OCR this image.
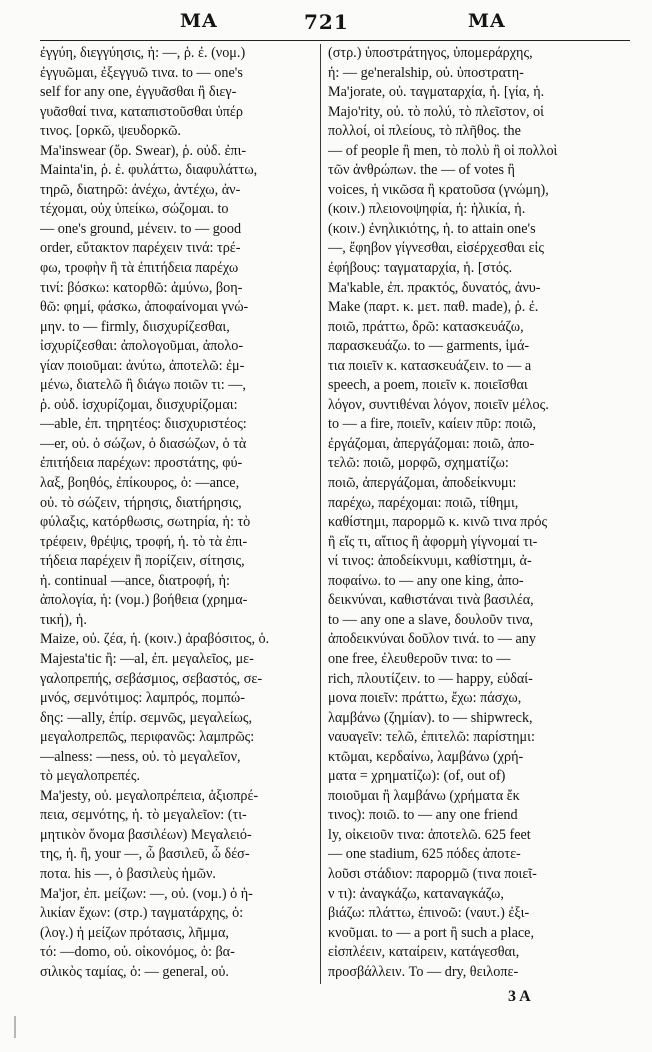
MA	721	MA
ἐγγύη, διεγγύησις, ἡ: —, ῥ. ἐ. (νομ.)
ἐγγυῶμαι, ἐξεγγυῶ τινα. to — one's
self for any one, ἐγγυᾶσθαι ἢ διεγ-
γυᾶσθαί τινα, καταπιστοῦσθαι ὑπέρ
τινος. [ορκῶ, ψευδορκῶ.
Ma'inswear (ὅρ. Swear), ῥ. οὐδ. ἐπι-
Mainta'in, ῥ. ἐ. φυλάττω, διαφυλάττω,
τηρῶ, διατηρῶ: ἀνέχω, ἀντέχω, ἀν-
τέχομαι, οὐχ ὑπείκω, σώζομαι. to
— one's ground, μένειν. to — good
order, εὔτακτον παρέχειν τινά: τρέ-
φω, τροφὴν ἢ τὰ ἐπιτήδεια παρέχω
τινί: βόσκω: κατορθῶ: ἀμύνω, βοη-
θῶ: φημί, φάσκω, ἀποφαίνομαι γνώ-
μην. to — firmly, διισχυρίζεσθαι,
ἰσχυρίζεσθαι: ἀπολογοῦμαι, ἀπολο-
γίαν ποιοῦμαι: ἀνύτω, ἀποτελῶ: ἐμ-
μένω, διατελῶ ἢ διάγω ποιῶν τι: —,
ῥ. οὐδ. ἰσχυρίζομαι, διισχυρίζομαι:
—able, ἐπ. τηρητέος: διισχυριστέος:
—er, οὐ. ὁ σώζων, ὁ διασώζων, ὁ τὰ
ἐπιτήδεια παρέχων: προστάτης, φύ-
λαξ, βοηθός, ἐπίκουρος, ὁ: —ance,
οὐ. τὸ σώζειν, τήρησις, διατήρησις,
φύλαξις, κατόρθωσις, σωτηρία, ἡ: τὸ
τρέφειν, θρέψις, τροφή, ἡ. τὸ τὰ ἐπι-
τήδεια παρέχειν ἢ πορίζειν, σίτησις,
ἡ. continual —ance, διατροφή, ἡ:
ἀπολογία, ἡ: (νομ.) βοήθεια (χρημα-
τική), ἡ.
Maize, οὐ. ζέα, ἡ. (κοιν.) ἀραβόσιτος, ὁ.
Majesta'tic ἢ: —al, ἐπ. μεγαλεῖος, με-
γαλοπρεπής, σεβάσμιος, σεβαστός, σε-
μνός, σεμνότιμος: λαμπρός, πομπώ-
δης: —ally, ἐπίρ. σεμνῶς, μεγαλείως,
μεγαλοπρεπῶς, περιφανῶς: λαμπρῶς:
—alness: —ness, οὐ. τὸ μεγαλεῖον,
τὸ μεγαλοπρεπές.
Ma'jesty, οὐ. μεγαλοπρέπεια, ἀξιοπρέ-
πεια, σεμνότης, ἡ. τὸ μεγαλεῖον: (τι-
μητικὸν ὄνομα βασιλέων) Μεγαλειό-
της, ἡ. ἢ, your —, ὦ βασιλεῦ, ὦ δέσ-
ποτα. his —, ὁ βασιλεὺς ἡμῶν.
Ma'jor, ἐπ. μείζων: —, οὐ. (νομ.) ὁ ἡ-
λικίαν ἔχων: (στρ.) ταγματάρχης, ὁ:
(λογ.) ἡ μείζων πρότασις, λῆμμα,
τό: —domo, οὐ. οἰκονόμος, ὁ: βα-
σιλικὸς ταμίας, ὁ: — general, οὐ.
(στρ.) ὑποστράτηγος, ὑπομεράρχης,
ἡ: — ge'neralship, οὐ. ὑποστρατη-
Ma'jorate, οὐ. ταγματαρχία, ἡ. [γία, ἡ.
Majo'rity, οὐ. τὸ πολύ, τὸ πλεῖστον, οἱ
πολλοί, οἱ πλείους, τὸ πλῆθος. the
— of people ἢ men, τὸ πολὺ ἢ οἱ πολλοὶ
τῶν ἀνθρώπων. the — of votes ἢ
voices, ἡ νικῶσα ἢ κρατοῦσα (γνώμη),
(κοιν.) πλειονοψηφία, ἡ: ἡλικία, ἡ.
(κοιν.) ἐνηλικιότης, ἡ. to attain one's
—, ἔφηβον γίγνεσθαι, εἰσέρχεσθαι εἰς
ἐφήβους: ταγματαρχία, ἡ. [στός.
Ma'kable, ἐπ. πρακτός, δυνατός, ἀνυ-
Make (παρτ. κ. μετ. παθ. made), ῥ. ἐ.
ποιῶ, πράττω, δρῶ: κατασκευάζω,
παρασκευάζω. to — garments, ἱμά-
τια ποιεῖν κ. κατασκευάζειν. to — a
speech, a poem, ποιεῖν κ. ποιεῖσθαι
λόγον, συντιθέναι λόγον, ποιεῖν μέλος.
to — a fire, ποιεῖν, καίειν πῦρ: ποιῶ,
ἐργάζομαι, ἀπεργάζομαι: ποιῶ, ἀπο-
τελῶ: ποιῶ, μορφῶ, σχηματίζω:
ποιῶ, ἀπεργάζομαι, ἀποδείκνυμι:
παρέχω, παρέχομαι: ποιῶ, τίθημι,
καθίστημι, παρορμῶ κ. κινῶ τινα πρός
ἢ εἴς τι, αἴτιος ἢ ἀφορμὴ γίγνομαί τι-
νί τινος: ἀποδείκνυμι, καθίστημι, ἀ-
ποφαίνω. to — any one king, ἀπο-
δεικνύναι, καθιστάναι τινὰ βασιλέα,
to — any one a slave, δουλοῦν τινα,
ἀποδεικνύναι δοῦλον τινά. to — any
one free, ἐλευθεροῦν τινα: to —
rich, πλουτίζειν. to — happy, εὐδαί-
μονα ποιεῖν: πράττω, ἔχω: πάσχω,
λαμβάνω (ζημίαν). to — shipwreck,
ναυαγεῖν: τελῶ, ἐπιτελῶ: παρίστημι:
κτῶμαι, κερδαίνω, λαμβάνω (χρή-
ματα = χρηματίζω): (of, out of)
ποιοῦμαι ἢ λαμβάνω (χρήματα ἔκ
τινος): ποιῶ. to — any one friend
ly, οἰκειοῦν τινα: ἀποτελῶ. 625 feet
— one stadium, 625 πόδες ἀποτε-
λοῦσι στάδιον: παρορμῶ (τινα ποιεῖ-
ν τι): ἀναγκάζω, καταναγκάζω,
βιάζω: πλάττω, ἐπινοῶ: (ναυτ.) ἐξι-
κνοῦμαι. to — a port ἢ such a place,
εἰσπλέειν, καταίρειν, κατάγεσθαι,
προσβάλλειν. To — dry, θειλοπε-
3 A
